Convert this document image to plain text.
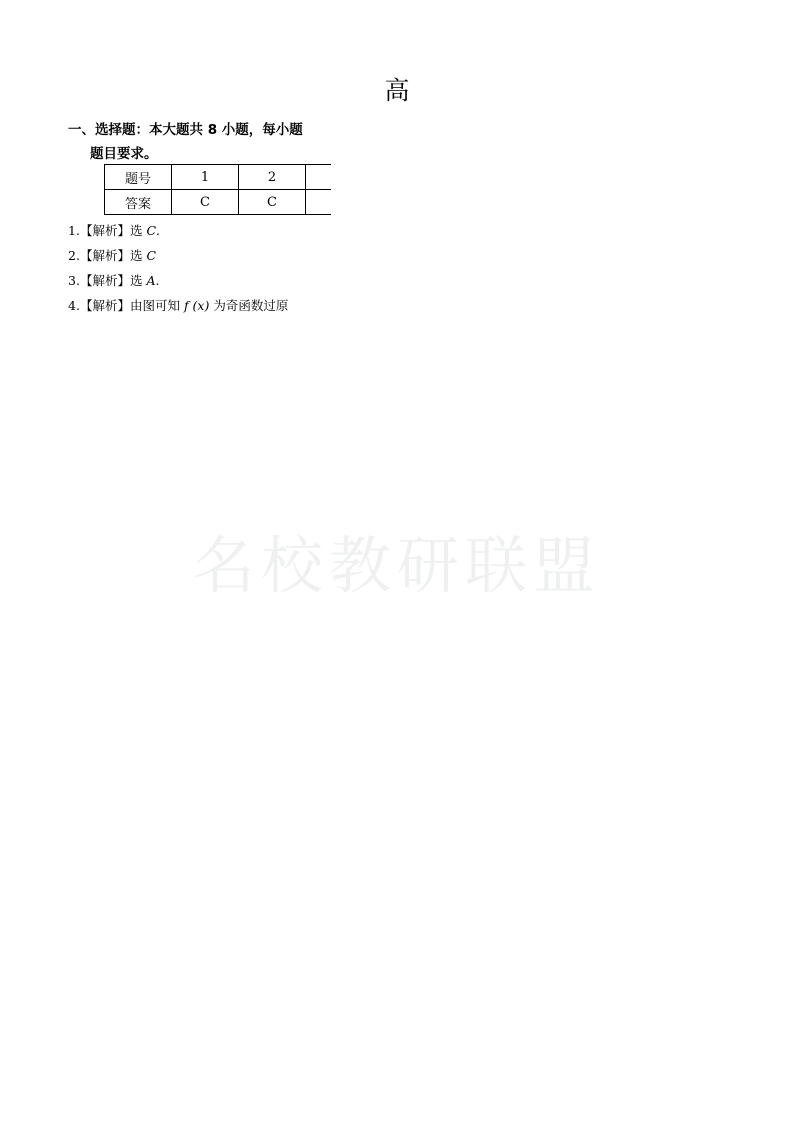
名校教研联盟
高
一、选择题：本大题共 8 小题，每小题
题目要求。
题号	1	2	
答案	C	C	
1.【解析】选 C.
2.【解析】选 C
3.【解析】选 A.
4.【解析】由图可知 f (x) 为奇函数过原
